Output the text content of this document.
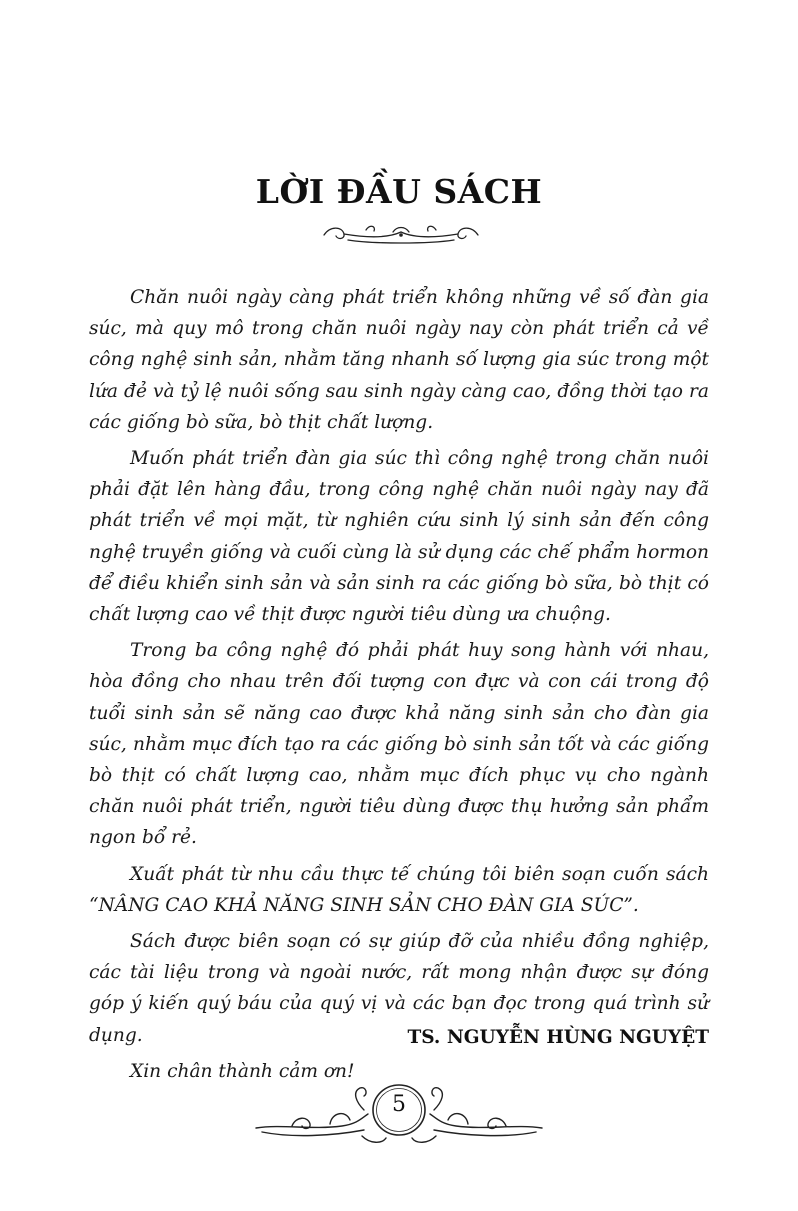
LỜI ĐẦU SÁCH

Chăn nuôi ngày càng phát triển không những về số đàn gia súc, mà quy mô trong chăn nuôi ngày nay còn phát triển cả về công nghệ sinh sản, nhằm tăng nhanh số lượng gia súc trong một lứa đẻ và tỷ lệ nuôi sống sau sinh ngày càng cao, đồng thời tạo ra các giống bò sữa, bò thịt chất lượng.

Muốn phát triển đàn gia súc thì công nghệ trong chăn nuôi phải đặt lên hàng đầu, trong công nghệ chăn nuôi ngày nay đã phát triển về mọi mặt, từ nghiên cứu sinh lý sinh sản đến công nghệ truyền giống và cuối cùng là sử dụng các chế phẩm hormon để điều khiển sinh sản và sản sinh ra các giống bò sữa, bò thịt có chất lượng cao về thịt được người tiêu dùng ưa chuộng.

Trong ba công nghệ đó phải phát huy song hành với nhau, hòa đồng cho nhau trên đối tượng con đực và con cái trong độ tuổi sinh sản sẽ năng cao được khả năng sinh sản cho đàn gia súc, nhằm mục đích tạo ra các giống bò sinh sản tốt và các giống bò thịt có chất lượng cao, nhằm mục đích phục vụ cho ngành chăn nuôi phát triển, người tiêu dùng được thụ hưởng sản phẩm ngon bổ rẻ.

Xuất phát từ nhu cầu thực tế chúng tôi biên soạn cuốn sách “NÂNG CAO KHẢ NĂNG SINH SẢN CHO ĐÀN GIA SÚC”.

Sách được biên soạn có sự giúp đỡ của nhiều đồng nghiệp, các tài liệu trong và ngoài nước, rất mong nhận được sự đóng góp ý kiến quý báu của quý vị và các bạn đọc trong quá trình sử dụng.

Xin chân thành cảm ơn!

TS. NGUYỄN HÙNG NGUYỆT
5
